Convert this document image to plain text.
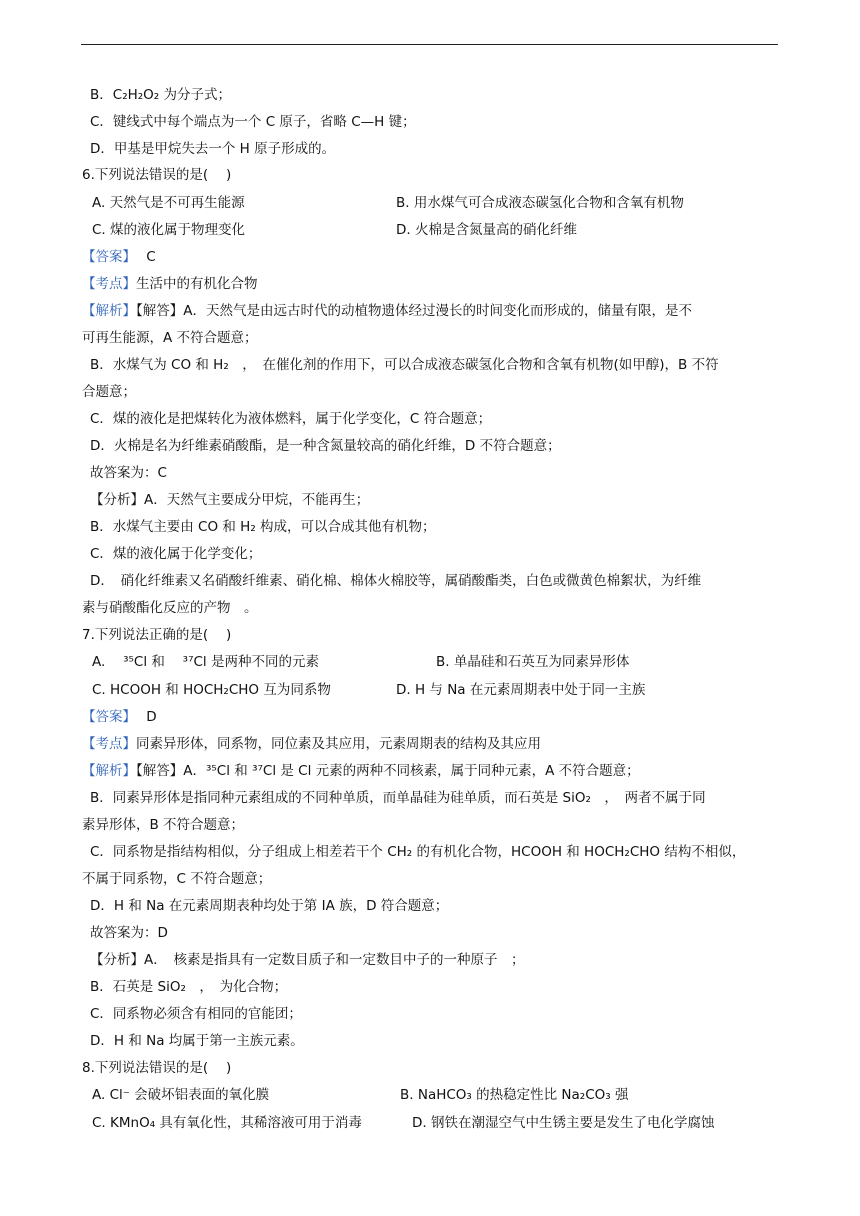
B．C₂H₂O₂ 为分子式；
C．键线式中每个端点为一个 C 原子，省略 C—H 键；
D．甲基是甲烷失去一个 H 原子形成的。
6.下列说法错误的是(　 )
A. 天然气是不可再生能源	B. 用水煤气可合成液态碳氢化合物和含氧有机物
C. 煤的液化属于物理变化	D. 火棉是含氮量高的硝化纤维
【答案】 C
【考点】生活中的有机化合物
【解析】【解答】A．天然气是由远古时代的动植物遗体经过漫长的时间变化而形成的，储量有限，是不
可再生能源，A 不符合题意；
B．水煤气为 CO 和 H₂　，　在催化剂的作用下，可以合成液态碳氢化合物和含氧有机物(如甲醇)，B 不符
合题意；
C．煤的液化是把煤转化为液体燃料，属于化学变化，C 符合题意；
D．火棉是名为纤维素硝酸酯，是一种含氮量较高的硝化纤维，D 不符合题意；
故答案为：C
【分析】A．天然气主要成分甲烷，不能再生；
B．水煤气主要由 CO 和 H₂ 构成，可以合成其他有机物；
C．煤的液化属于化学变化；
D．　硝化纤维素又名硝酸纤维素、硝化棉、棉体火棉胶等，属硝酸酯类，白色或微黄色棉絮状，为纤维
素与硝酸酯化反应的产物　。
7.下列说法正确的是(　 )
A. 　³⁵Cl 和　 ³⁷Cl 是两种不同的元素	B. 单晶硅和石英互为同素异形体
C. HCOOH 和 HOCH₂CHO 互为同系物	D. H 与 Na 在元素周期表中处于同一主族
【答案】 D
【考点】同素异形体，同系物，同位素及其应用，元素周期表的结构及其应用
【解析】【解答】A．³⁵Cl 和 ³⁷Cl 是 Cl 元素的两种不同核素，属于同种元素，A 不符合题意；
B．同素异形体是指同种元素组成的不同种单质，而单晶硅为硅单质，而石英是 SiO₂　，　两者不属于同
素异形体，B 不符合题意；
C．同系物是指结构相似，分子组成上相差若干个 CH₂ 的有机化合物，HCOOH 和 HOCH₂CHO 结构不相似，
不属于同系物，C 不符合题意；
D．H 和 Na 在元素周期表种均处于第 IA 族，D 符合题意；
故答案为：D
【分析】A．　核素是指具有一定数目质子和一定数目中子的一种原子　；
B．石英是 SiO₂　，　为化合物；
C．同系物必须含有相同的官能团；
D．H 和 Na 均属于第一主族元素。
8.下列说法错误的是(　 )
A. Cl⁻ 会破坏铝表面的氧化膜	B. NaHCO₃ 的热稳定性比 Na₂CO₃ 强
C. KMnO₄ 具有氧化性，其稀溶液可用于消毒	D. 钢铁在潮湿空气中生锈主要是发生了电化学腐蚀
